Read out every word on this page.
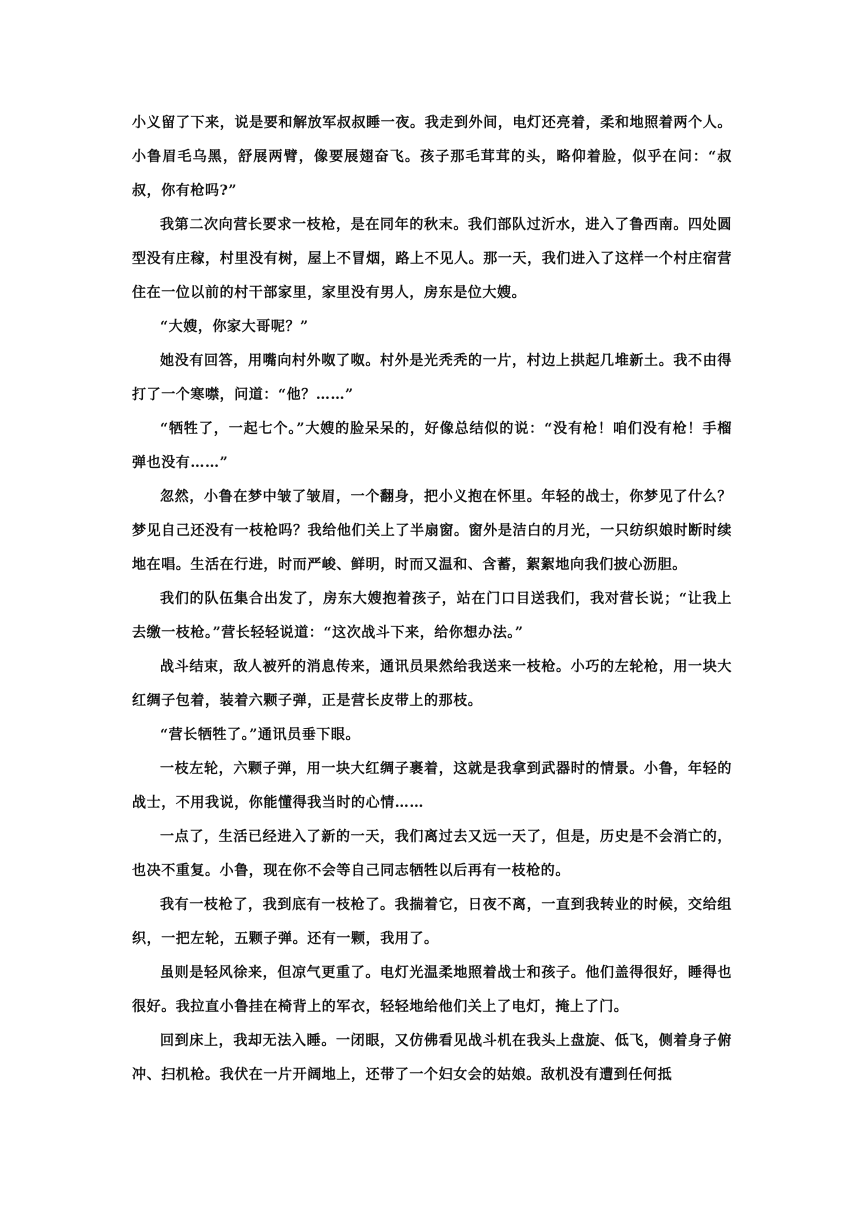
小义留了下来，说是要和解放军叔叔睡一夜。我走到外间，电灯还亮着，柔和地照着两个人。小鲁眉毛乌黑，舒展两臂，像要展翅奋飞。孩子那毛茸茸的头，略仰着脸，似乎在问：“叔叔，你有枪吗?”

我第二次向营长要求一枝枪，是在同年的秋末。我们部队过沂水，进入了鲁西南。四处圆型没有庄稼，村里没有树，屋上不冒烟，路上不见人。那一天，我们进入了这样一个村庄宿营住在一位以前的村干部家里，家里没有男人，房东是位大嫂。

“大嫂，你家大哥呢？”

她没有回答，用嘴向村外呶了呶。村外是光秃秃的一片，村边上拱起几堆新土。我不由得打了一个寒噤，问道：“他？……”

“牺牲了，一起七个。”大嫂的脸呆呆的，好像总结似的说：“没有枪！咱们没有枪！手榴弹也没有……”

忽然，小鲁在梦中皱了皱眉，一个翻身，把小义抱在怀里。年轻的战士，你梦见了什么？梦见自己还没有一枝枪吗？我给他们关上了半扇窗。窗外是洁白的月光，一只纺织娘时断时续地在唱。生活在行进，时而严峻、鲜明，时而又温和、含蓄，絮絮地向我们披心沥胆。

我们的队伍集合出发了，房东大嫂抱着孩子，站在门口目送我们，我对营长说；“让我上去缴一枝枪。”营长轻轻说道：“这次战斗下来，给你想办法。”

战斗结束，敌人被歼的消息传来，通讯员果然给我送来一枝枪。小巧的左轮枪，用一块大红绸子包着，装着六颗子弹，正是营长皮带上的那枝。

“营长牺牲了。”通讯员垂下眼。

一枝左轮，六颗子弹，用一块大红绸子裹着，这就是我拿到武器时的情景。小鲁，年轻的战士，不用我说，你能懂得我当时的心情……

一点了，生活已经进入了新的一天，我们离过去又远一天了，但是，历史是不会消亡的，也决不重复。小鲁，现在你不会等自己同志牺牲以后再有一枝枪的。

我有一枝枪了，我到底有一枝枪了。我揣着它，日夜不离，一直到我转业的时候，交给组织，一把左轮，五颗子弹。还有一颗，我用了。

虽则是轻风徐来，但凉气更重了。电灯光温柔地照着战士和孩子。他们盖得很好，睡得也很好。我拉直小鲁挂在椅背上的军衣，轻轻地给他们关上了电灯，掩上了门。

回到床上，我却无法入睡。一闭眼，又仿佛看见战斗机在我头上盘旋、低飞，侧着身子俯冲、扫机枪。我伏在一片开阔地上，还带了一个妇女会的姑娘。敌机没有遭到任何抵
